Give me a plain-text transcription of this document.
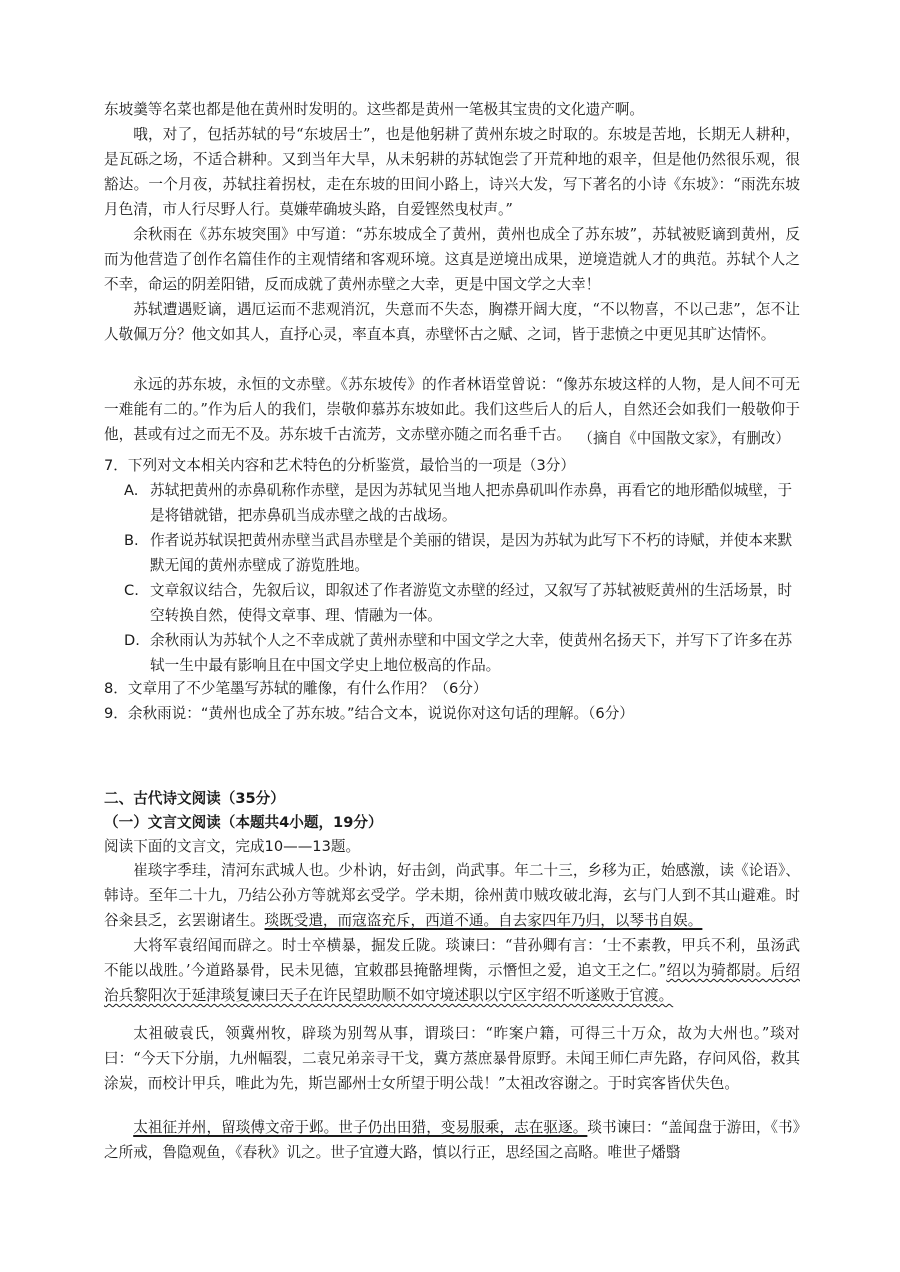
东坡羹等名菜也都是他在黄州时发明的。这些都是黄州一笔极其宝贵的文化遗产啊。

哦，对了，包括苏轼的号“东坡居士”，也是他躬耕了黄州东坡之时取的。东坡是苦地，长期无人耕种，是瓦砾之场，不适合耕种。又到当年大旱，从未躬耕的苏轼饱尝了开荒种地的艰辛，但是他仍然很乐观，很豁达。一个月夜，苏轼拄着拐杖，走在东坡的田间小路上，诗兴大发，写下著名的小诗《东坡》：“雨洗东坡月色清，市人行尽野人行。莫嫌荦确坡头路，自爱铿然曳杖声。”

余秋雨在《苏东坡突围》中写道：“苏东坡成全了黄州，黄州也成全了苏东坡”，苏轼被贬谪到黄州，反而为他营造了创作名篇佳作的主观情绪和客观环境。这真是逆境出成果，逆境造就人才的典范。苏轼个人之不幸，命运的阴差阳错，反而成就了黄州赤壁之大幸，更是中国文学之大幸！

苏轼遭遇贬谪，遇厄运而不悲观消沉，失意而不失态，胸襟开阔大度，“不以物喜，不以己悲”，怎不让人敬佩万分？他文如其人，直抒心灵，率直本真，赤壁怀古之赋、之词，皆于悲愤之中更见其旷达情怀。

永远的苏东坡，永恒的文赤壁。《苏东坡传》的作者林语堂曾说：“像苏东坡这样的人物，是人间不可无一难能有二的。”作为后人的我们，崇敬仰慕苏东坡如此。我们这些后人的后人，自然还会如我们一般敬仰于他，甚或有过之而无不及。苏东坡千古流芳，文赤壁亦随之而名垂千古。 （摘自《中国散文家》，有删改）

7．下列对文本相关内容和艺术特色的分析鉴赏，最恰当的一项是（3分）

A. 苏轼把黄州的赤鼻矶称作赤壁，是因为苏轼见当地人把赤鼻矶叫作赤鼻，再看它的地形酷似城壁，于是将错就错，把赤鼻矶当成赤壁之战的古战场。
B. 作者说苏轼误把黄州赤壁当武昌赤壁是个美丽的错误，是因为苏轼为此写下不朽的诗赋，并使本来默默无闻的黄州赤壁成了游览胜地。
C. 文章叙议结合，先叙后议，即叙述了作者游览文赤壁的经过，又叙写了苏轼被贬黄州的生活场景，时空转换自然，使得文章事、理、情融为一体。
D. 余秋雨认为苏轼个人之不幸成就了黄州赤壁和中国文学之大幸，使黄州名扬天下，并写下了许多在苏轼一生中最有影响且在中国文学史上地位极高的作品。

8．文章用了不少笔墨写苏轼的雕像，有什么作用？（6分）

9．余秋雨说：“黄州也成全了苏东坡。”结合文本，说说你对这句话的理解。（6分）

二、古代诗文阅读（35分）

（一）文言文阅读（本题共4小题，19分）

阅读下面的文言文，完成10——13题。

崔琰字季珪，清河东武城人也。少朴讷，好击剑，尚武事。年二十三，乡移为正，始感激，读《论语》、韩诗。至年二十九，乃结公孙方等就郑玄受学。学未期，徐州黄巾贼攻破北海，玄与门人到不其山避难。时谷籴县乏，玄罢谢诸生。琰既受遣，而寇盗充斥，西道不通。自去家四年乃归，以琴书自娱。

大将军袁绍闻而辟之。时士卒横暴，掘发丘陇。琰谏曰：“昔孙卿有言：‘士不素教，甲兵不利，虽汤武不能以战胜。’今道路暴骨，民未见德，宜敕郡县掩骼埋胔，示憯怛之爱，追文王之仁。”绍以为骑都尉。后绍治兵黎阳次于延津琰复谏曰天子在许民望助顺不如守境述职以宁区宇绍不听遂败于官渡。

太祖破袁氏，领冀州牧，辟琰为别驾从事，谓琰曰：“昨案户籍，可得三十万众，故为大州也。”琰对曰：“今天下分崩，九州幅裂，二袁兄弟亲寻干戈，冀方蒸庶暴骨原野。未闻王师仁声先路，存问风俗，救其涂炭，而校计甲兵，唯此为先，斯岂鄙州士女所望于明公哉！”太祖改容谢之。于时宾客皆伏失色。

太祖征并州，留琰傅文帝于邺。世子仍出田猎，变易服乘，志在驱逐。琰书谏曰：“盖闻盘于游田，《书》之所戒，鲁隐观鱼，《春秋》讥之。世子宜遵大路，慎以行正，思经国之高略。唯世子燔翳
